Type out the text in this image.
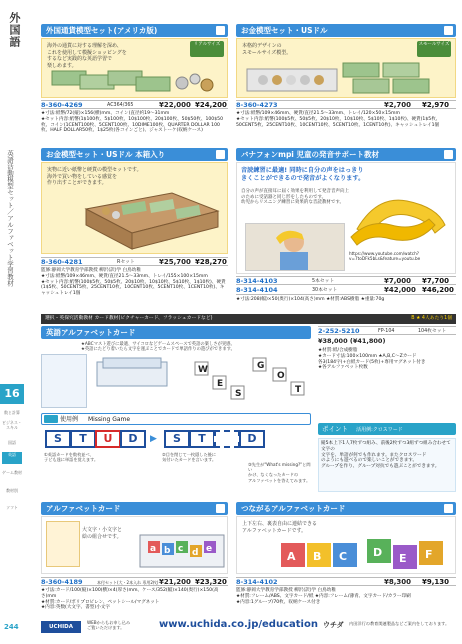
外国語
英語活動模型セット／アルファベット学習教材
16
数と計算
ビジネス・スキル
国語
英語
ゲーム教材
教材別
ソフト
244
外国通貨模型セット(アメリカ版)
海外の通貨に対する理解を深め、
これを使用して模擬ショッピングを
するなど実践的な英語学習で
楽しめます。
リアルサイズ
8-360-4269	AC364/365	¥22,000 ¥24,200
★寸法:紙幣/72(縦)×156(横)mm、コイン(直径約19〜31mm
★セット内容:紙幣(1$100枚、5$100枚、10$100枚、20$100枚、50$50枚、100$50枚、コイン(1CENT100枚、5CENT100枚、10DIME100枚、QUARTER DOLLAR 100枚、HALF DOLLAR50枚、1$25枚(各コインごと)、ジャストーケ(収納ケース)
お金模型セット・USドル
本格的デザインの
スモールサイズ模型。
スモールサイズ
8-360-4273	¥2,700 ¥2,970
★寸法:紙幣/109×46mm、硬貨/直径21.5〜33mm、トレイ/120×50×15mm
★セット内容:紙幣(100$5枚、50$5枚、20$10枚、10$10枚、5$10枚、1$10枚)、硬貨(1$5枚、50CENT5枚、25CENT10枚、10CENT10枚、5CENT10枚、1CENT10枚)、キャッシュトレイ1個
お金模型セット・USドル 本箱入り
実物に近い紙幣と硬貨の模型セットです。
海外で買い物をしている感覚を
作り出すことができます。
8-360-4281	Rセット	¥25,700 ¥28,270
監修:静岡大学教育学部教授 柳沢(訳)学 白鳥幼稚
★寸法:紙幣/109×46mm、硬貨/直径21.5〜33mm、トレイ/155×100×15mm
★セット内容:紙幣(100$5枚、50$5枚、20$10枚、10$10枚、5$10枚、1$10枚)、硬貨(1$5枚、50CENT5枚、25CENT10枚、10CENT10枚、5CENT10枚、1CENT10枚)、キャッシュトレイ1個
バナフォンmpi 児童の発音サポート教材
音読練習に最適! 同時に自分の声をはっきり
きくことができるので発音がよくなります。
自分の声が直接耳に届く効果を利用して発音音声向上のために受話器と同じ形をしたものです。
幼児からリスニング練習に効果的な音読教材です。
https://www.youtube.com/watch?v=7toDFk5bLs&feature=youtu.be
8-314-4103	5本セット	¥7,000 ¥7,700
8-314-4104	30本セット	¥42,000 ¥46,200
★寸法:208(幅)×50(奥行)×104(高さ)mm ★材質:ABS樹脂 ★重量:70g
選択・英探究活動教材 カード教材(ピクチャーカード、フラッシュカードなど)	B ★ 4人あたり1個
英語アルファベットカード
★ABCマスト遊びに最適、サイコロなどゲームスペースで英語の楽しさが実感。
★英語にたどり着いたら文字を運ぶことでカードで単語作りの遊びができます。
W
E
S
G
O
T
2-252-5210	FP-104	104枚セット
¥38,000 (¥41,800)
★材質:紙/合成樹脂
★カード寸法:100×100mm ★A,B,C〜Zカード
各3(184字)+白紙カード(5枚)+専用マグネット付き
★各アルファベット枚数
使用例 Missing Game
S	T	U	D	▶	S	T	D
①英語カードを数枚並べ、
子ども達に単語を覚えます。
②目を閉じて一枚隠した後に
気付いたカードを言います。
③先生が"What's missing?"と問い
かけ、なくなったカードの
アルファベットを答えてみます。
ポイント 活用例:クロスワード
縦5本上下1人7枚ずつ組み、前後2枚ずつ3組ずつ組み合わせて文字の
文字を、単語が何でも作れます。またクロスワード
のようにも遊べるので楽しいことができます。
グループを作り、グループ対抗でも遊ぶことができます。
アルファベットカード
大文字・小文字と
絵の組合せです。
a b c d e
8-360-4189	本付セット(大・2本入れ 専用2枚) ¥21,200 ¥23,320
★寸法:カード/100(縦)×100(横)×4(厚さ)mm、ケース/352(幅)×140(奥行)×150(高さ)mm
★材質:カード/ポリプロピレン、ペットシール/マグネット
★内容:英数(大文字、書型)小文字
つながるアルファベットカード
上下左右、裏表自由に連結できる
アルファベットカードです。
A B C D E F
8-314-4102	¥8,300 ¥9,130
監修:静岡大学教育学部教授 柳沢(訳)学 白鳥幼稚
★材質:フレーム/ABS、文字カード/紙 ★内容:フレーム/薄青、文字カード/カラー印刷
★内容:1グループ/70枚、収納ケース付き
UCHIDA
WEBからもお申し込み
ご覧いただけます。	www.uchida.co.jp/education ウチダ 内田洋行の教育関連製品などご案内をしております。
